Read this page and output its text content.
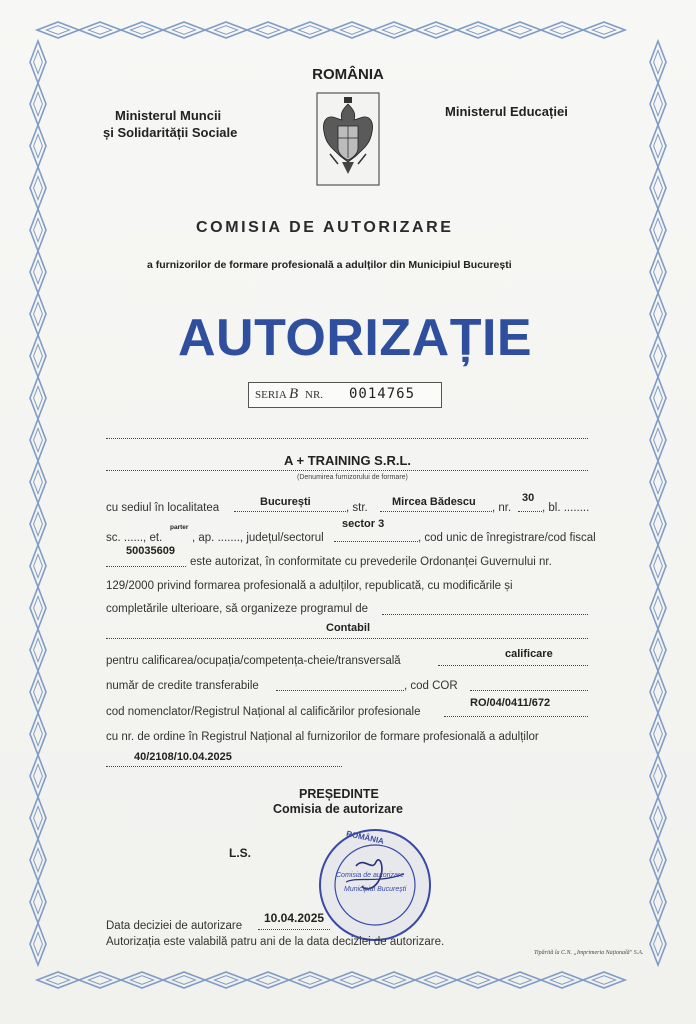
ROMÂNIA
Ministerul Muncii
și Solidarității Sociale
Ministerul Educației
COMISIA DE AUTORIZARE
a furnizorilor de formare profesională a adulților din Municipiul București
AUTORIZAȚIE
SERIA B NR. 0014765
A + TRAINING S.R.L.
(Denumirea furnizorului de formare)
cu sediul în localitatea	București	, str. Mircea Bădescu , nr.
30
, bl. ........
sc. ......, et.
parter
, ap. ......., județul/sectorul
sector 3
, cod unic de înregistrare/cod fiscal
50035609
este autorizat, în conformitate cu prevederile Ordonanței Guvernului nr.
129/2000 privind formarea profesională a adulților, republicată, cu modificările și
completările ulterioare, să organizeze programul de
Contabil
pentru calificarea/ocupația/competența-cheie/transversală
calificare
număr de credite transferabile	, cod COR
cod nomenclator/Registrul Național al calificărilor profesionale
RO/04/0411/672
cu nr. de ordine în Registrul Național al furnizorilor de formare profesională a adulților
40/2108/10.04.2025
PREȘEDINTE
Comisia de autorizare
L.S.
ROMÂNIA
Comisia de autorizare
Municipiul București
Data deciziei de autorizare
10.04.2025
Autorizația este valabilă patru ani de la data deciziei de autorizare.
Tipărită la C.N. „Imprimeria Națională" S.A.
